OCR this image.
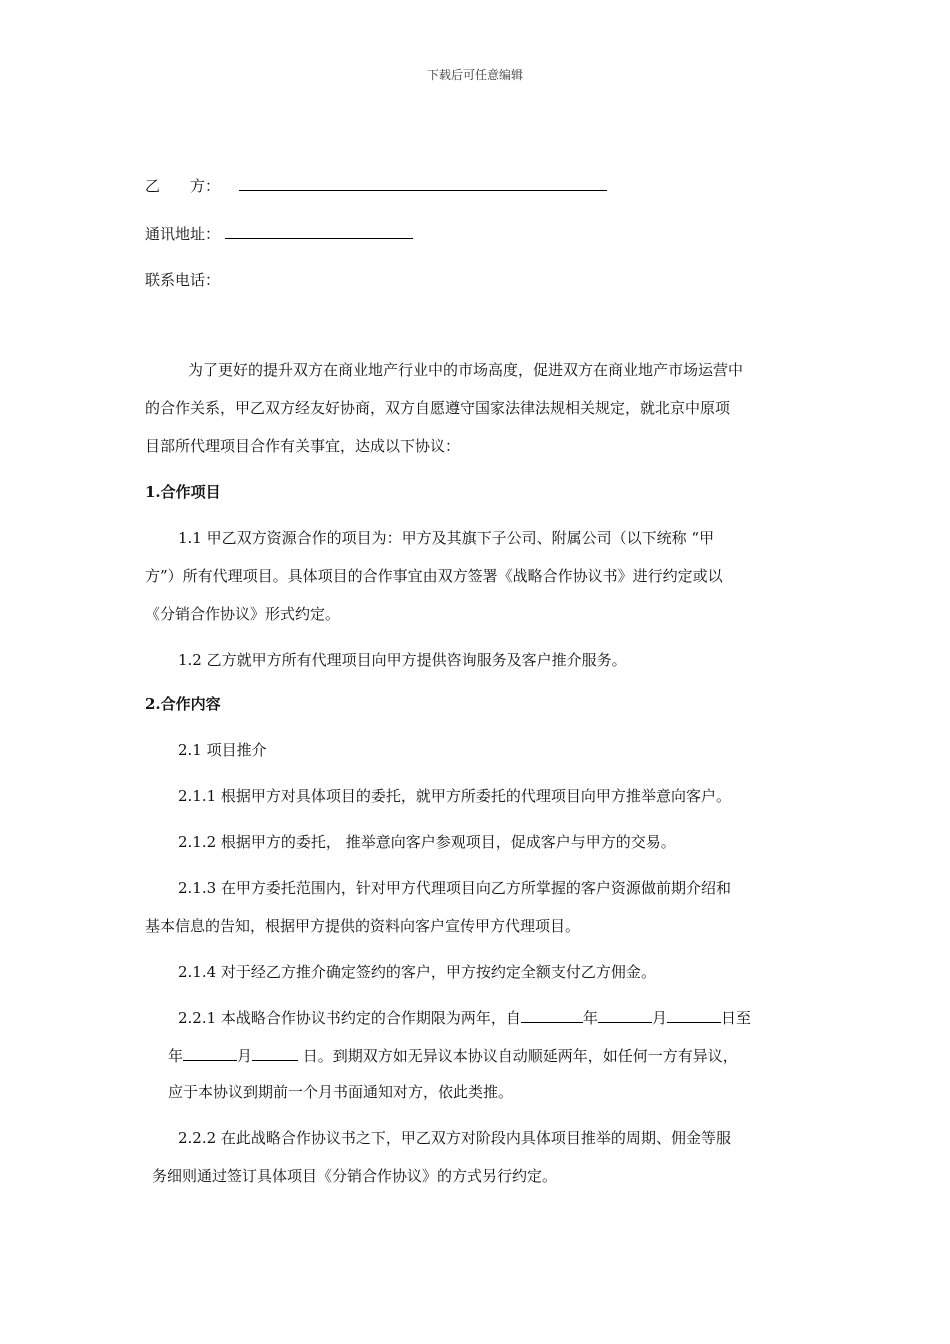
下载后可任意编辑
乙　　方：
通讯地址：
联系电话：
为了更好的提升双方在商业地产行业中的市场高度，促进双方在商业地产市场运营中
的合作关系，甲乙双方经友好协商，双方自愿遵守国家法律法规相关规定，就北京中原项
目部所代理项目合作有关事宜，达成以下协议：
1.合作项目
1.1 甲乙双方资源合作的项目为：甲方及其旗下子公司、附属公司（以下统称 “甲
方”）所有代理项目。具体项目的合作事宜由双方签署《战略合作协议书》进行约定或以
《分销合作协议》形式约定。
1.2 乙方就甲方所有代理项目向甲方提供咨询服务及客户推介服务。
2.合作内容
2.1 项目推介
2.1.1 根据甲方对具体项目的委托，就甲方所委托的代理项目向甲方推举意向客户。
2.1.2 根据甲方的委托， 推举意向客户参观项目，促成客户与甲方的交易。
2.1.3 在甲方委托范围内，针对甲方代理项目向乙方所掌握的客户资源做前期介绍和
基本信息的告知，根据甲方提供的资料向客户宣传甲方代理项目。
2.1.4 对于经乙方推介确定签约的客户，甲方按约定全额支付乙方佣金。
2.2.1 本战略合作协议书约定的合作期限为两年，自	年	月	日至
年	月	日。到期双方如无异议本协议自动顺延两年，如任何一方有异议，
应于本协议到期前一个月书面通知对方，依此类推。
2.2.2 在此战略合作协议书之下，甲乙双方对阶段内具体项目推举的周期、佣金等服
务细则通过签订具体项目《分销合作协议》的方式另行约定。
